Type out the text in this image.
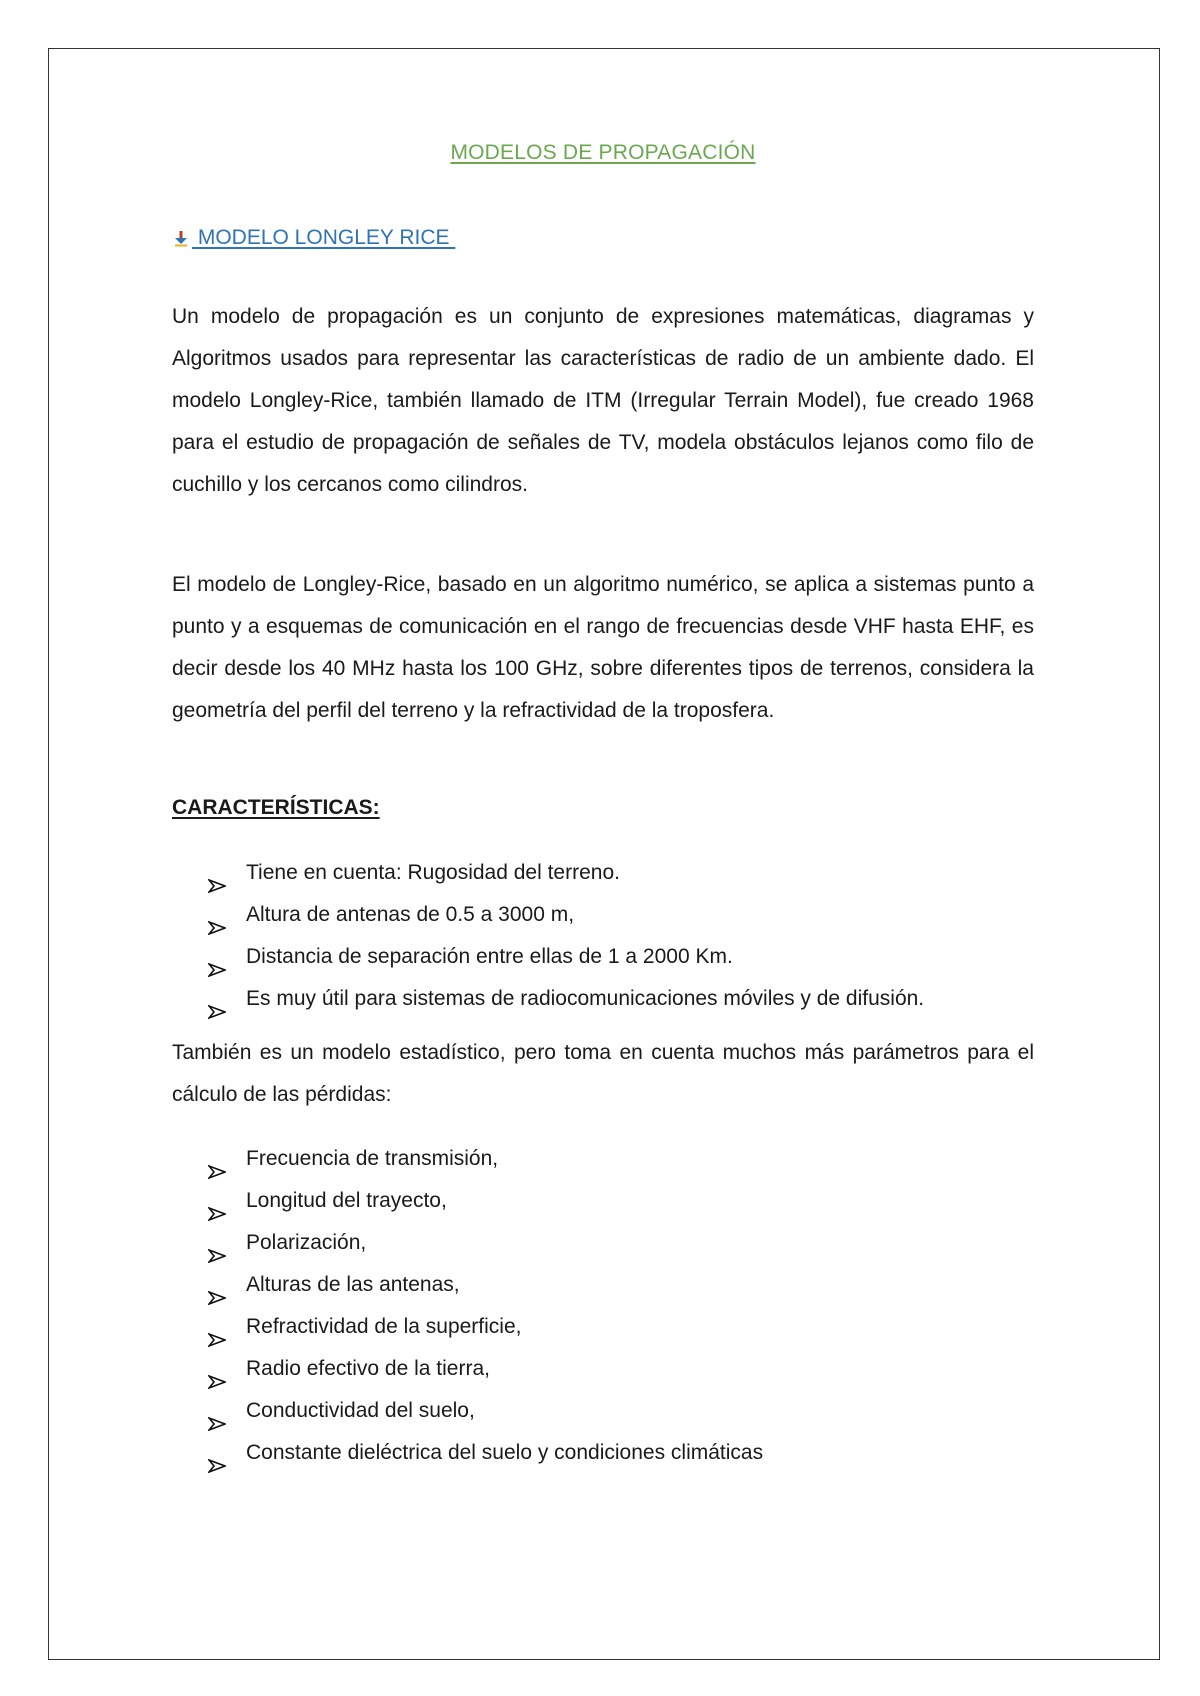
MODELOS DE PROPAGACIÓN
MODELO LONGLEY RICE

Un modelo de propagación es un conjunto de expresiones matemáticas, diagramas y Algoritmos usados para representar las características de radio de un ambiente dado. El modelo Longley-Rice, también llamado de ITM (Irregular Terrain Model), fue creado 1968 para el estudio de propagación de señales de TV, modela obstáculos lejanos como filo de cuchillo y los cercanos como cilindros.

El modelo de Longley-Rice, basado en un algoritmo numérico, se aplica a sistemas punto a punto y a esquemas de comunicación en el rango de frecuencias desde VHF hasta EHF, es decir desde los 40 MHz hasta los 100 GHz, sobre diferentes tipos de terrenos, considera la geometría del perfil del terreno y la refractividad de la troposfera.

CARACTERÍSTICAS:
Tiene en cuenta: Rugosidad del terreno.
Altura de antenas de 0.5 a 3000 m,
Distancia de separación entre ellas de 1 a 2000 Km.
Es muy útil para sistemas de radiocomunicaciones móviles y de difusión.

También es un modelo estadístico, pero toma en cuenta muchos más parámetros para el cálculo de las pérdidas:

Frecuencia de transmisión,
Longitud del trayecto,
Polarización,
Alturas de las antenas,
Refractividad de la superficie,
Radio efectivo de la tierra,
Conductividad del suelo,
Constante dieléctrica del suelo y condiciones climáticas
